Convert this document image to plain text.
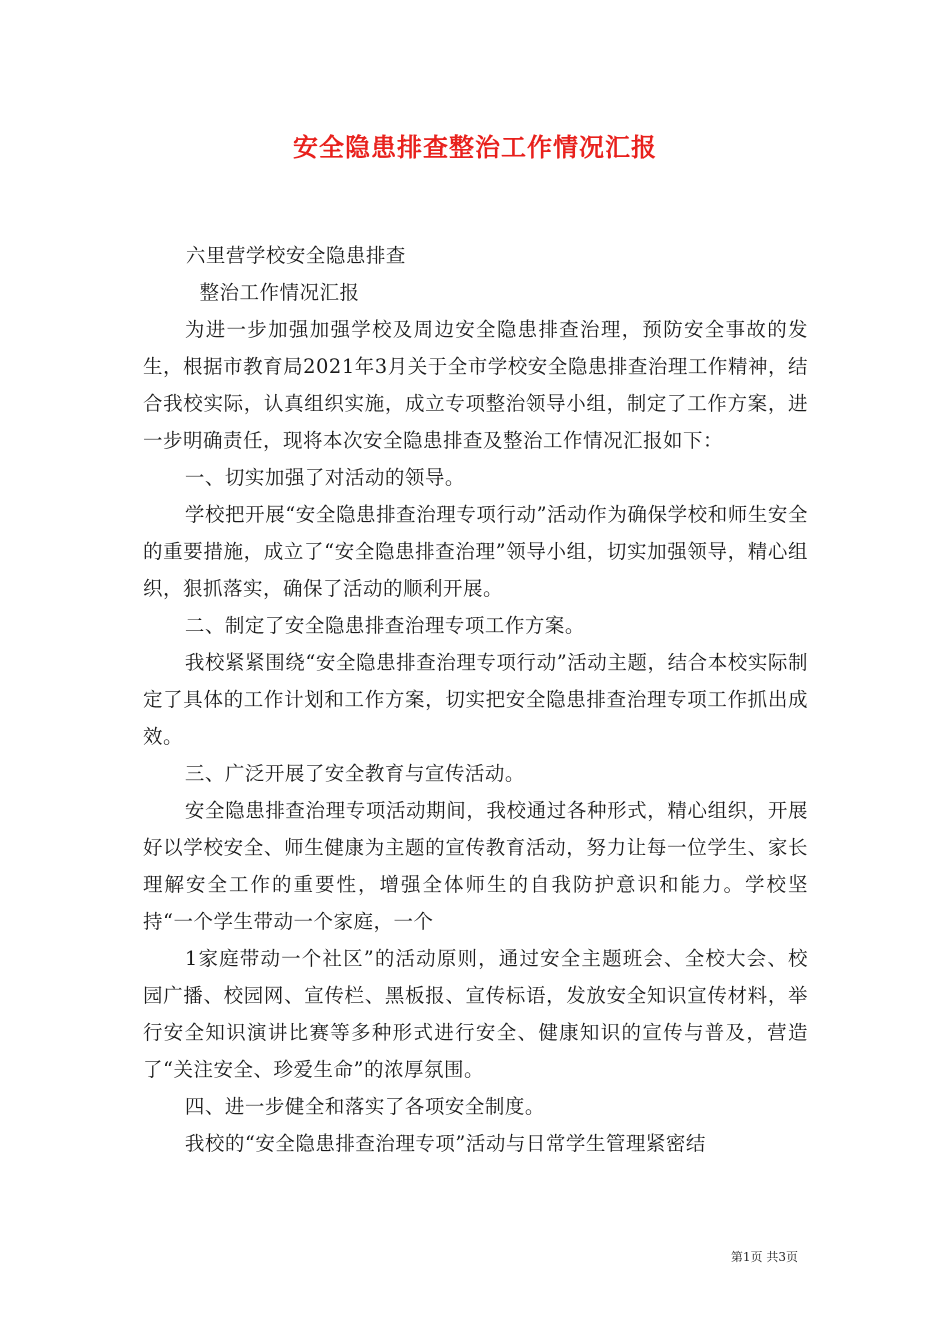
安全隐患排查整治工作情况汇报

六里营学校安全隐患排查

整治工作情况汇报

为进一步加强加强学校及周边安全隐患排查治理，预防安全事故的发生，根据市教育局2021年3月关于全市学校安全隐患排查治理工作精神，结合我校实际，认真组织实施，成立专项整治领导小组，制定了工作方案，进一步明确责任，现将本次安全隐患排查及整治工作情况汇报如下：

一、切实加强了对活动的领导。

学校把开展“安全隐患排查治理专项行动”活动作为确保学校和师生安全的重要措施，成立了“安全隐患排查治理”领导小组，切实加强领导，精心组织，狠抓落实，确保了活动的顺利开展。

二、制定了安全隐患排查治理专项工作方案。

我校紧紧围绕“安全隐患排查治理专项行动”活动主题，结合本校实际制定了具体的工作计划和工作方案，切实把安全隐患排查治理专项工作抓出成效。

三、广泛开展了安全教育与宣传活动。

安全隐患排查治理专项活动期间，我校通过各种形式，精心组织，开展好以学校安全、师生健康为主题的宣传教育活动，努力让每一位学生、家长理解安全工作的重要性，增强全体师生的自我防护意识和能力。学校坚持“一个学生带动一个家庭，一个

1家庭带动一个社区”的活动原则，通过安全主题班会、全校大会、校园广播、校园网、宣传栏、黑板报、宣传标语，发放安全知识宣传材料，举行安全知识演讲比赛等多种形式进行安全、健康知识的宣传与普及，营造了“关注安全、珍爱生命”的浓厚氛围。

四、进一步健全和落实了各项安全制度。

我校的“安全隐患排查治理专项”活动与日常学生管理紧密结

第1页 共3页
